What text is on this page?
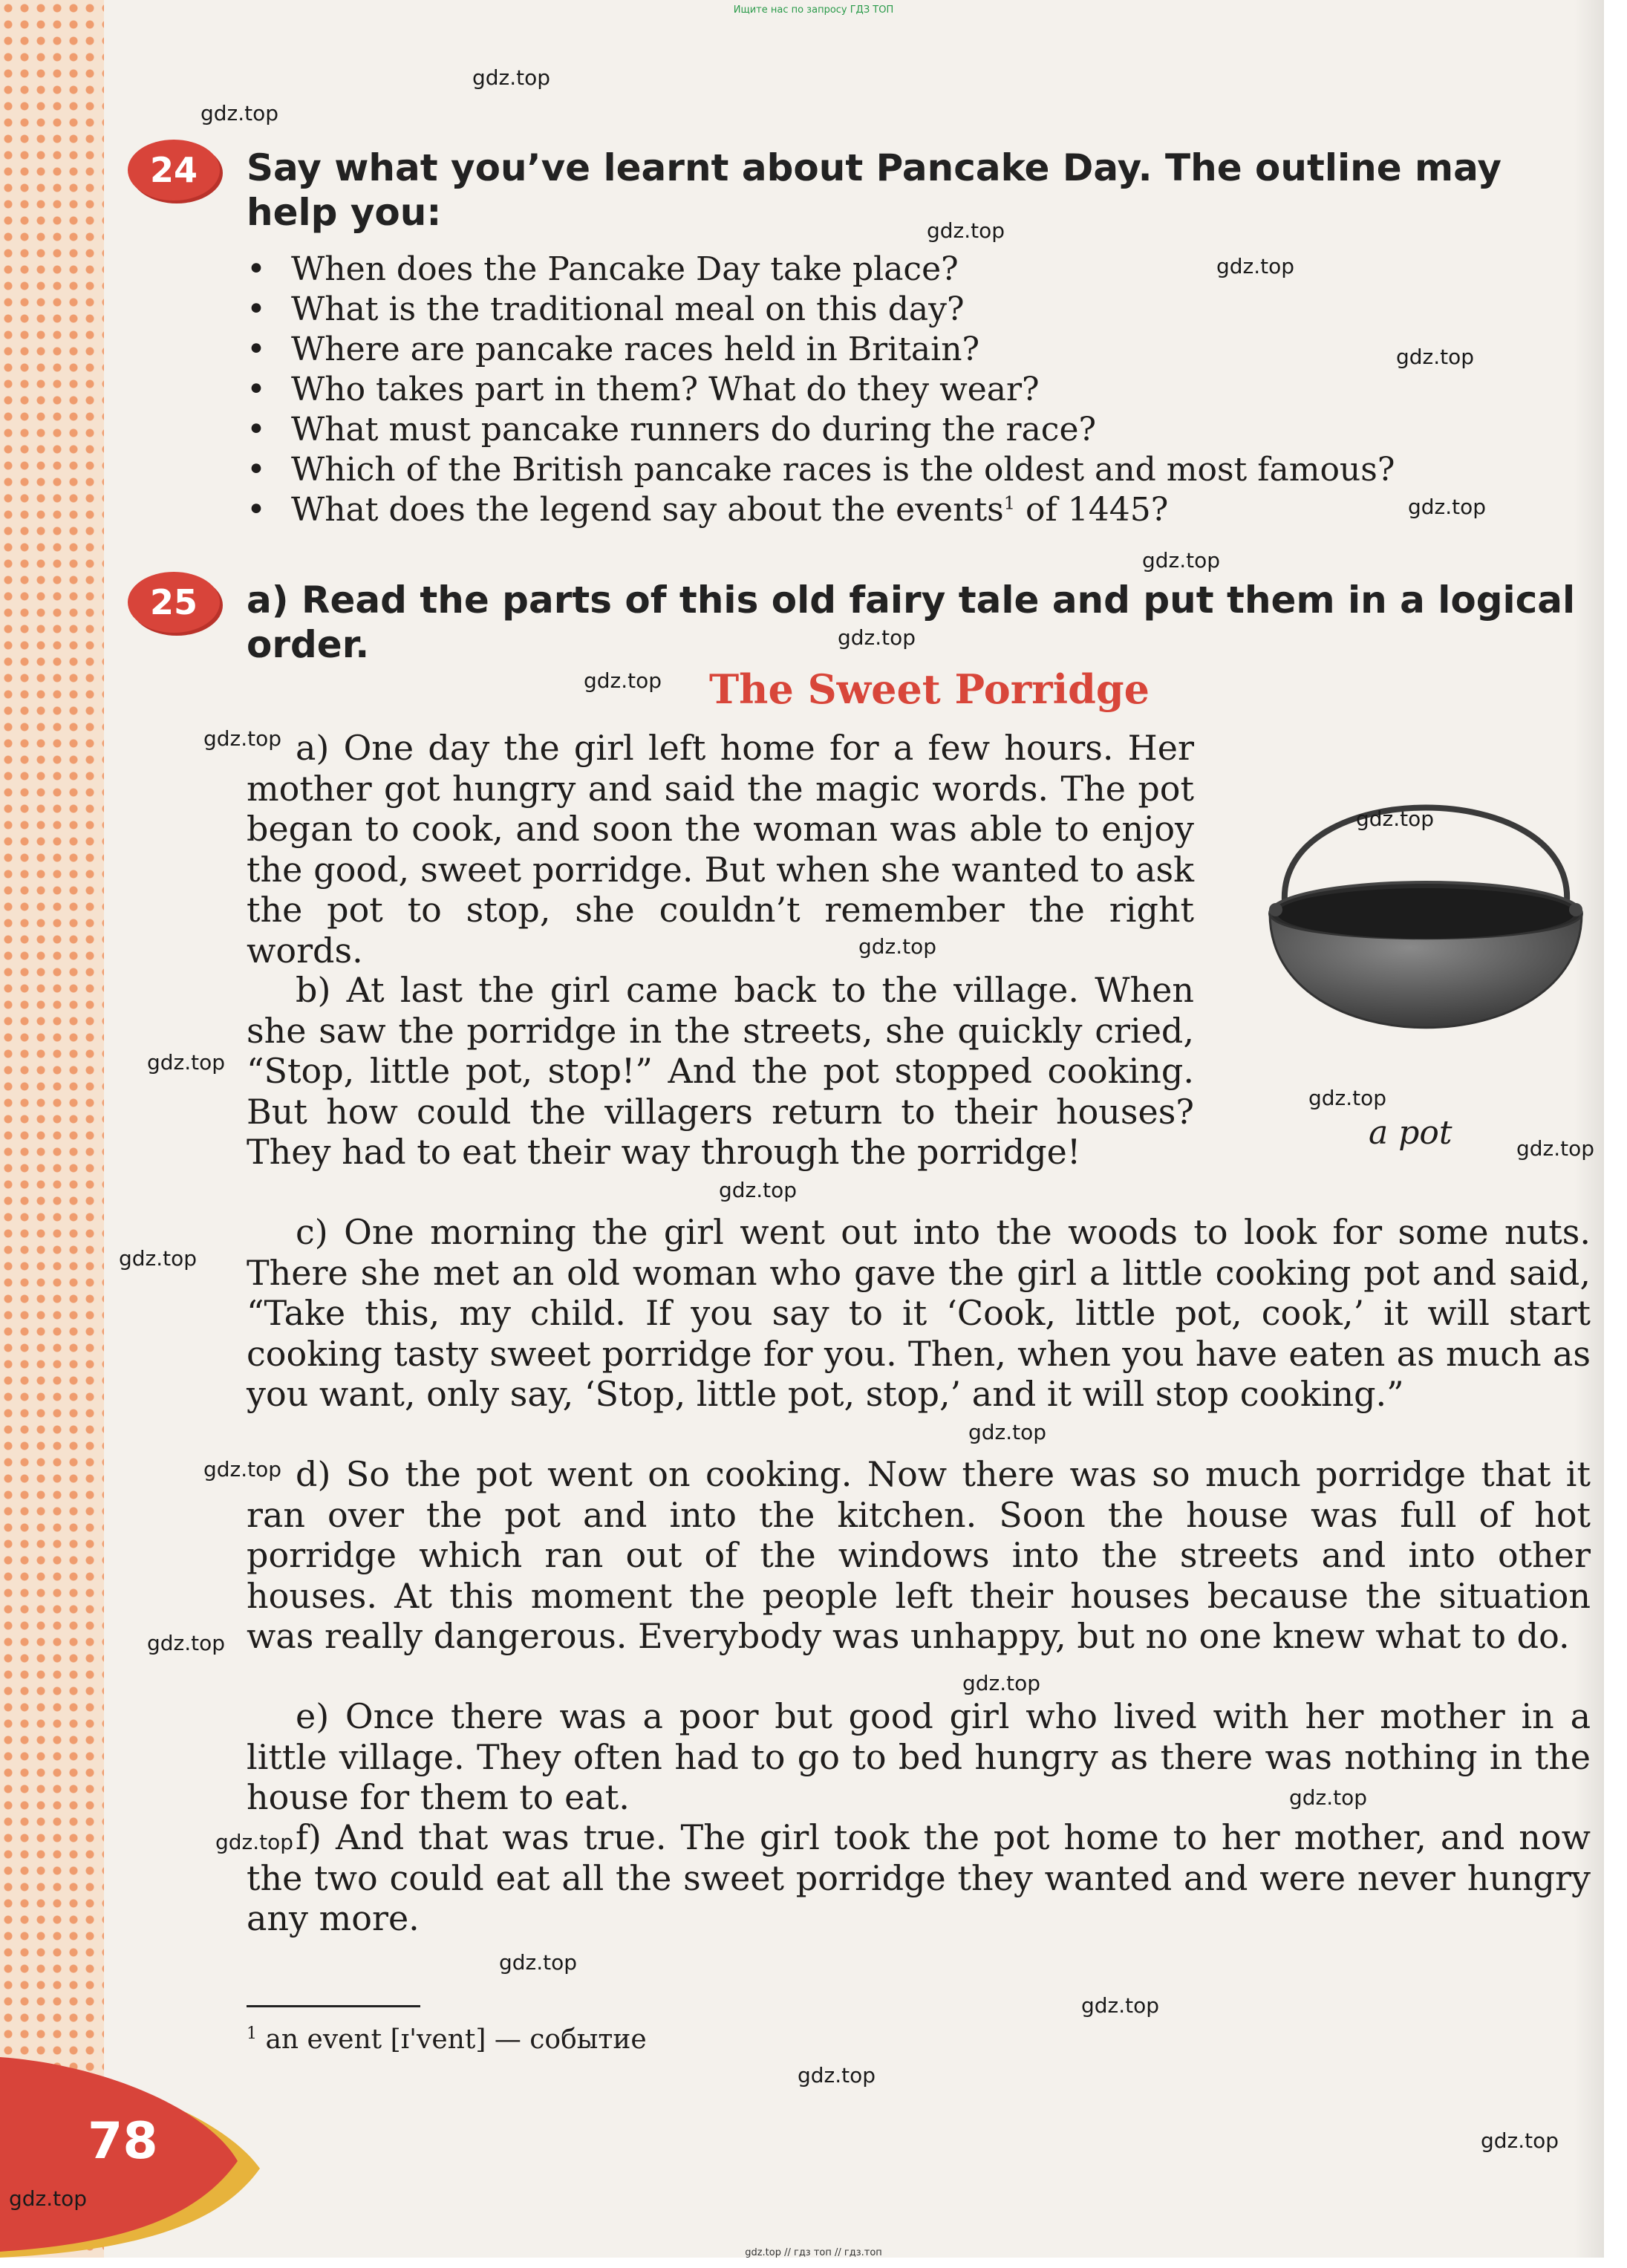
24	Say what you’ve learnt about Pancake Day. The outline may help you:
• When does the Pancake Day take place?
• What is the traditional meal on this day?
• Where are pancake races held in Britain?
• Who takes part in them? What do they wear?
• What must pancake runners do during the race?
• Which of the British pancake races is the oldest and most famous?
• What does the legend say about the events$^1$ of 1445?
25	a) Read the parts of this old fairy tale and put them in a logical order.
The Sweet Porridge

a) One day the girl left home for a few hours. Her mother got hungry and said the magic words. The pot began to cook, and soon the woman was able to enjoy the good, sweet porridge. But when she wanted to ask the pot to stop, she couldn’t remember the right words.

b) At last the girl came back to the village. When she saw the porridge in the streets, she quickly cried, “Stop, little pot, stop!” And the pot stopped cooking. But how could the villagers return to their houses? They had to eat their way through the porridge!

c) One morning the girl went out into the woods to look for some nuts. There she met an old woman who gave the girl a little cooking pot and said, “Take this, my child. If you say to it ‘Cook, little pot, cook,’ it will start cooking tasty sweet porridge for you. Then, when you have eaten as much as you want, only say, ‘Stop, little pot, stop,’ and it will stop cooking.”

d) So the pot went on cooking. Now there was so much porridge that it ran over the pot and into the kitchen. Soon the house was full of hot porridge which ran out of the windows into the streets and into other houses. At this moment the people left their houses because the situation was really dangerous. Everybody was unhappy, but no one knew what to do.

e) Once there was a poor but good girl who lived with her mother in a little village. They often had to go to bed hungry as there was nothing in the house for them to eat.

f) And that was true. The girl took the pot home to her mother, and now the two could eat all the sweet porridge they wanted and were never hungry any more.

a pot
$^1$ an event [ɪ'vent] — событие
78
Ищите нас по запросу ГДЗ ТОП
gdz.top // гдз топ // гдз.топ
gdz.top
gdz.top
gdz.top
gdz.top
gdz.top
gdz.top
gdz.top
gdz.top
gdz.top
gdz.top
gdz.top
gdz.top
gdz.top
gdz.top
gdz.top
gdz.top
gdz.top
gdz.top
gdz.top
gdz.top
gdz.top
gdz.top
gdz.top
gdz.top
gdz.top
gdz.top
gdz.top
gdz.top
